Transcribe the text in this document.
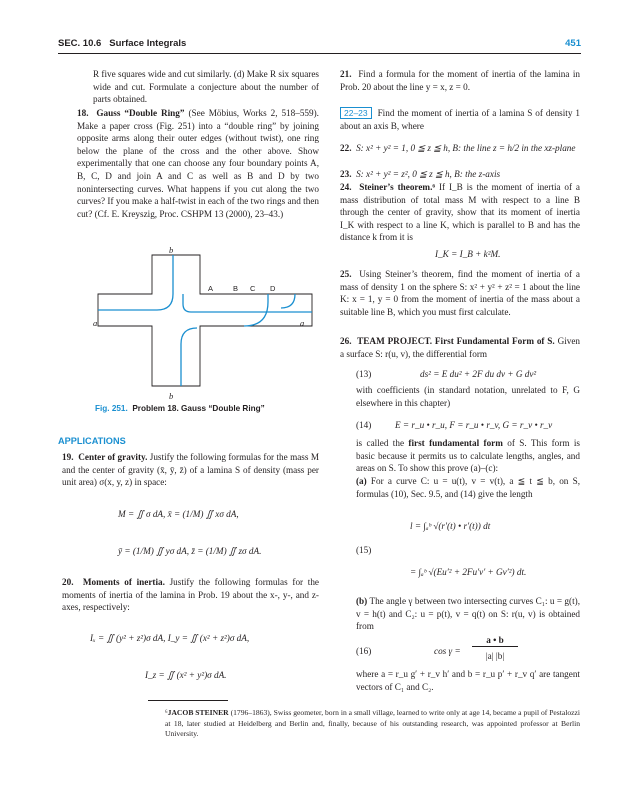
SEC. 10.6 Surface Integrals	451
R five squares wide and cut similarly. (d) Make R six squares wide and cut. Formulate a conjecture about the number of parts obtained.
18. Gauss “Double Ring” (See Möbius, Works 2, 518–559). Make a paper cross (Fig. 251) into a “double ring” by joining opposite arms along their outer edges (without twist), one ring below the plane of the cross and the other above. Show experimentally that one can choose any four boundary points A, B, C, D and join A and C as well as B and D by two nonintersecting curves. What happens if you cut along the two curves? If you make a half-twist in each of the two rings and then cut? (Cf. E. Kreyszig, Proc. CSHPM 13 (2000), 23–43.)
b
b
a	a
A	B C D
Fig. 251. Problem 18. Gauss “Double Ring”
APPLICATIONS
19. Center of gravity. Justify the following formulas for the mass M and the center of gravity (x̄, ȳ, z̄) of a lamina S of density (mass per unit area) σ(x, y, z) in space:
M = ∬ σ dA, x̄ = (1/M) ∬ xσ dA,
ȳ = (1/M) ∬ yσ dA, z̄ = (1/M) ∬ zσ dA.
20. Moments of inertia. Justify the following formulas for the moments of inertia of the lamina in Prob. 19 about the x-, y-, and z-axes, respectively:
Iₓ = ∬ (y² + z²)σ dA, I_y = ∬ (x² + z²)σ dA,
I_z = ∬ (x² + y²)σ dA.
21. Find a formula for the moment of inertia of the lamina in Prob. 20 about the line y = x, z = 0.
22–23 Find the moment of inertia of a lamina S of density 1 about an axis B, where
22. S: x² + y² = 1, 0 ≦ z ≦ h, B: the line z = h/2 in the xz-plane
23. S: x² + y² = z², 0 ≦ z ≦ h, B: the z-axis
24. Steiner’s theorem.⁶ If I_B is the moment of inertia of a mass distribution of total mass M with respect to a line B through the center of gravity, show that its moment of inertia I_K with respect to a line K, which is parallel to B and has the distance k from it is
I_K = I_B + k²M.
25. Using Steiner’s theorem, find the moment of inertia of a mass of density 1 on the sphere S: x² + y² + z² = 1 about the line K: x = 1, y = 0 from the moment of inertia of the mass about a suitable line B, which you must first calculate.
26. TEAM PROJECT. First Fundamental Form of S. Given a surface S: r(u, v), the differential form
(13)	ds² = E du² + 2F du dv + G dv²
with coefficients (in standard notation, unrelated to F, G elsewhere in this chapter)
(14)	E = r_u • r_u, F = r_u • r_v, G = r_v • r_v
is called the first fundamental form of S. This form is basic because it permits us to calculate lengths, angles, and areas on S. To show this prove (a)–(c):
(a) For a curve C: u = u(t), v = v(t), a ≦ t ≦ b, on S, formulas (10), Sec. 9.5, and (14) give the length
l = ∫ₐᵇ √(r′(t) • r′(t)) dt
(15)
= ∫ₐᵇ √(Eu′² + 2Fu′v′ + Gv′²) dt.
(b) The angle γ between two intersecting curves C₁: u = g(t), v = h(t) and C₂: u = p(t), v = q(t) on S: r(u, v) is obtained from
(16)	cos γ =
a • b
|a| |b|
where a = r_u g′ + r_v h′ and b = r_u p′ + r_v q′ are tangent vectors of C₁ and C₂.
⁶JACOB STEINER (1796–1863), Swiss geometer, born in a small village, learned to write only at age 14, became a pupil of Pestalozzi at 18, later studied at Heidelberg and Berlin and, finally, because of his outstanding research, was appointed professor at Berlin University.
